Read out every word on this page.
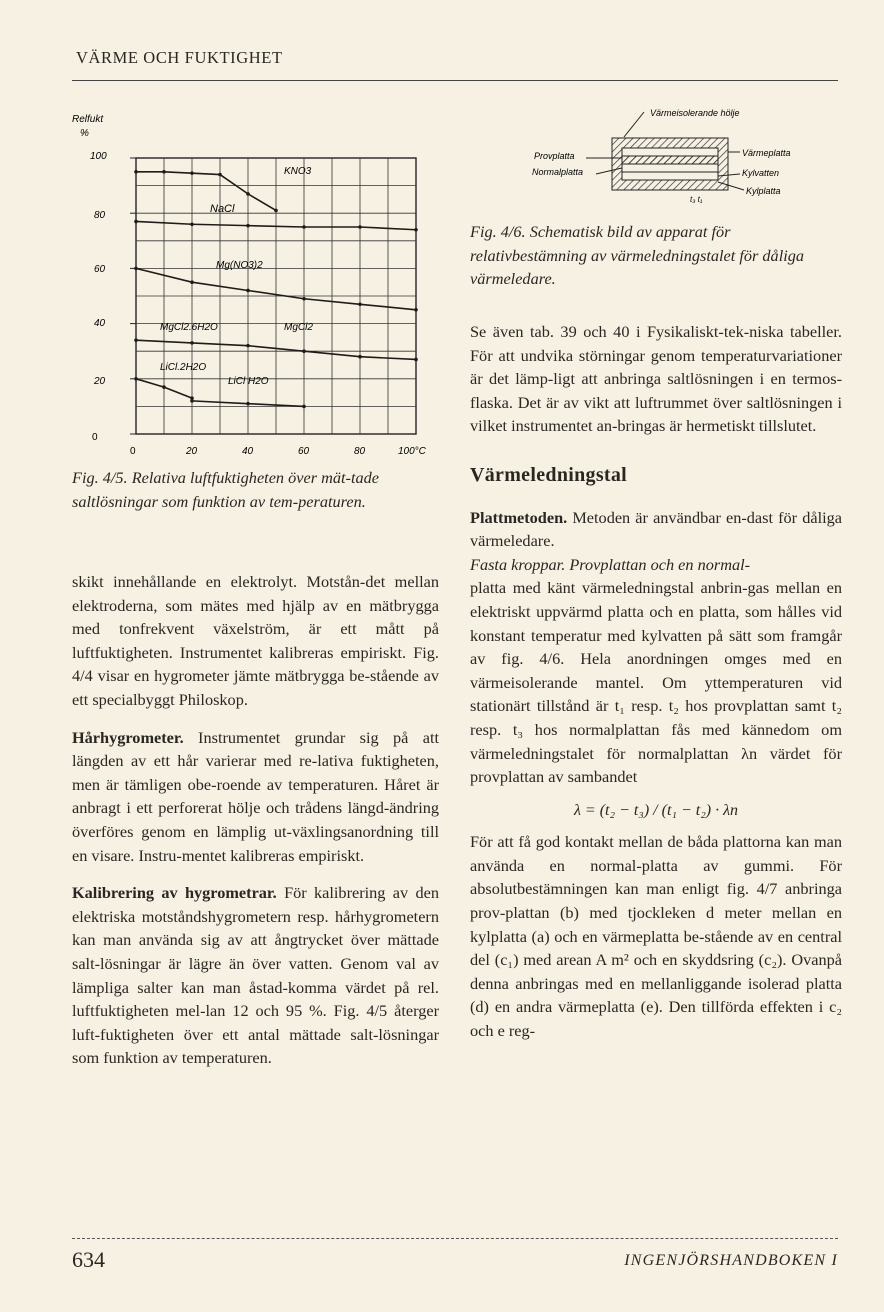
VÄRME OCH FUKTIGHET
Relfukt
%
100
80
60
40
20
0
0	20	40	60	80	100°C
KNO3
NaCl
Mg(NO3)2
MgCl2.6H2O	MgCl2
LiCl.2H2O
LiCl H2O

Fig. 4/5. Relativa luftfuktigheten över mät-tade saltlösningar som funktion av tem-peraturen.

skikt innehållande en elektrolyt. Motstån-det mellan elektroderna, som mätes med hjälp av en mätbrygga med tonfrekvent växelström, är ett mått på luftfuktigheten. Instrumentet kalibreras empiriskt. Fig. 4/4 visar en hygrometer jämte mätbrygga be-stående av ett specialbyggt Philoskop.

Hårhygrometer. Instrumentet grundar sig på att längden av ett hår varierar med re-lativa fuktigheten, men är tämligen obe-roende av temperaturen. Håret är anbragt i ett perforerat hölje och trådens längd-ändring överföres genom en lämplig ut-växlingsanordning till en visare. Instru-mentet kalibreras empiriskt.

Kalibrering av hygrometrar. För kalibrering av den elektriska motståndshygrometern resp. hårhygrometern kan man använda sig av att ångtrycket över mättade salt-lösningar är lägre än över vatten. Genom val av lämpliga salter kan man åstad-komma värdet på rel. luftfuktigheten mel-lan 12 och 95 %. Fig. 4/5 återger luft-fuktigheten över ett antal mättade salt-lösningar som funktion av temperaturen.

Värmeisolerande hölje
Provplatta
Normalplatta
Värmeplatta
Kylvatten
Kylplatta
t₃ t₁

Fig. 4/6. Schematisk bild av apparat för relativbestämning av värmeledningstalet för dåliga värmeledare.

Se även tab. 39 och 40 i Fysikaliskt-tek-niska tabeller. För att undvika störningar genom temperaturvariationer är det lämp-ligt att anbringa saltlösningen i en termos-flaska. Det är av vikt att luftrummet över saltlösningen i vilket instrumentet an-bringas är hermetiskt tillslutet.

Värmeledningstal

Plattmetoden. Metoden är användbar en-dast för dåliga värmeledare.

Fasta kroppar. Provplattan och en normal-

platta med känt värmeledningstal anbrin-gas mellan en elektriskt uppvärmd platta och en platta, som hålles vid konstant temperatur med kylvatten på sätt som framgår av fig. 4/6. Hela anordningen omges med en värmeisolerande mantel. Om yttemperaturen vid stationärt tillstånd är t₁ resp. t₂ hos provplattan samt t₂ resp. t₃ hos normalplattan fås med kännedom om värmeledningstalet för normalplattan λn värdet för provplattan av sambandet

λ = (t₂ − t₃) / (t₁ − t₂) · λn

För att få god kontakt mellan de båda plattorna kan man använda en normal-platta av gummi. För absolutbestämningen kan man enligt fig. 4/7 anbringa prov-plattan (b) med tjockleken d meter mellan en kylplatta (a) och en värmeplatta be-stående av en central del (c₁) med arean A m² och en skyddsring (c₂). Ovanpå denna anbringas med en mellanliggande isolerad platta (d) en andra värmeplatta (e). Den tillförda effekten i c₂ och e reg-

634	INGENJÖRSHANDBOKEN I
